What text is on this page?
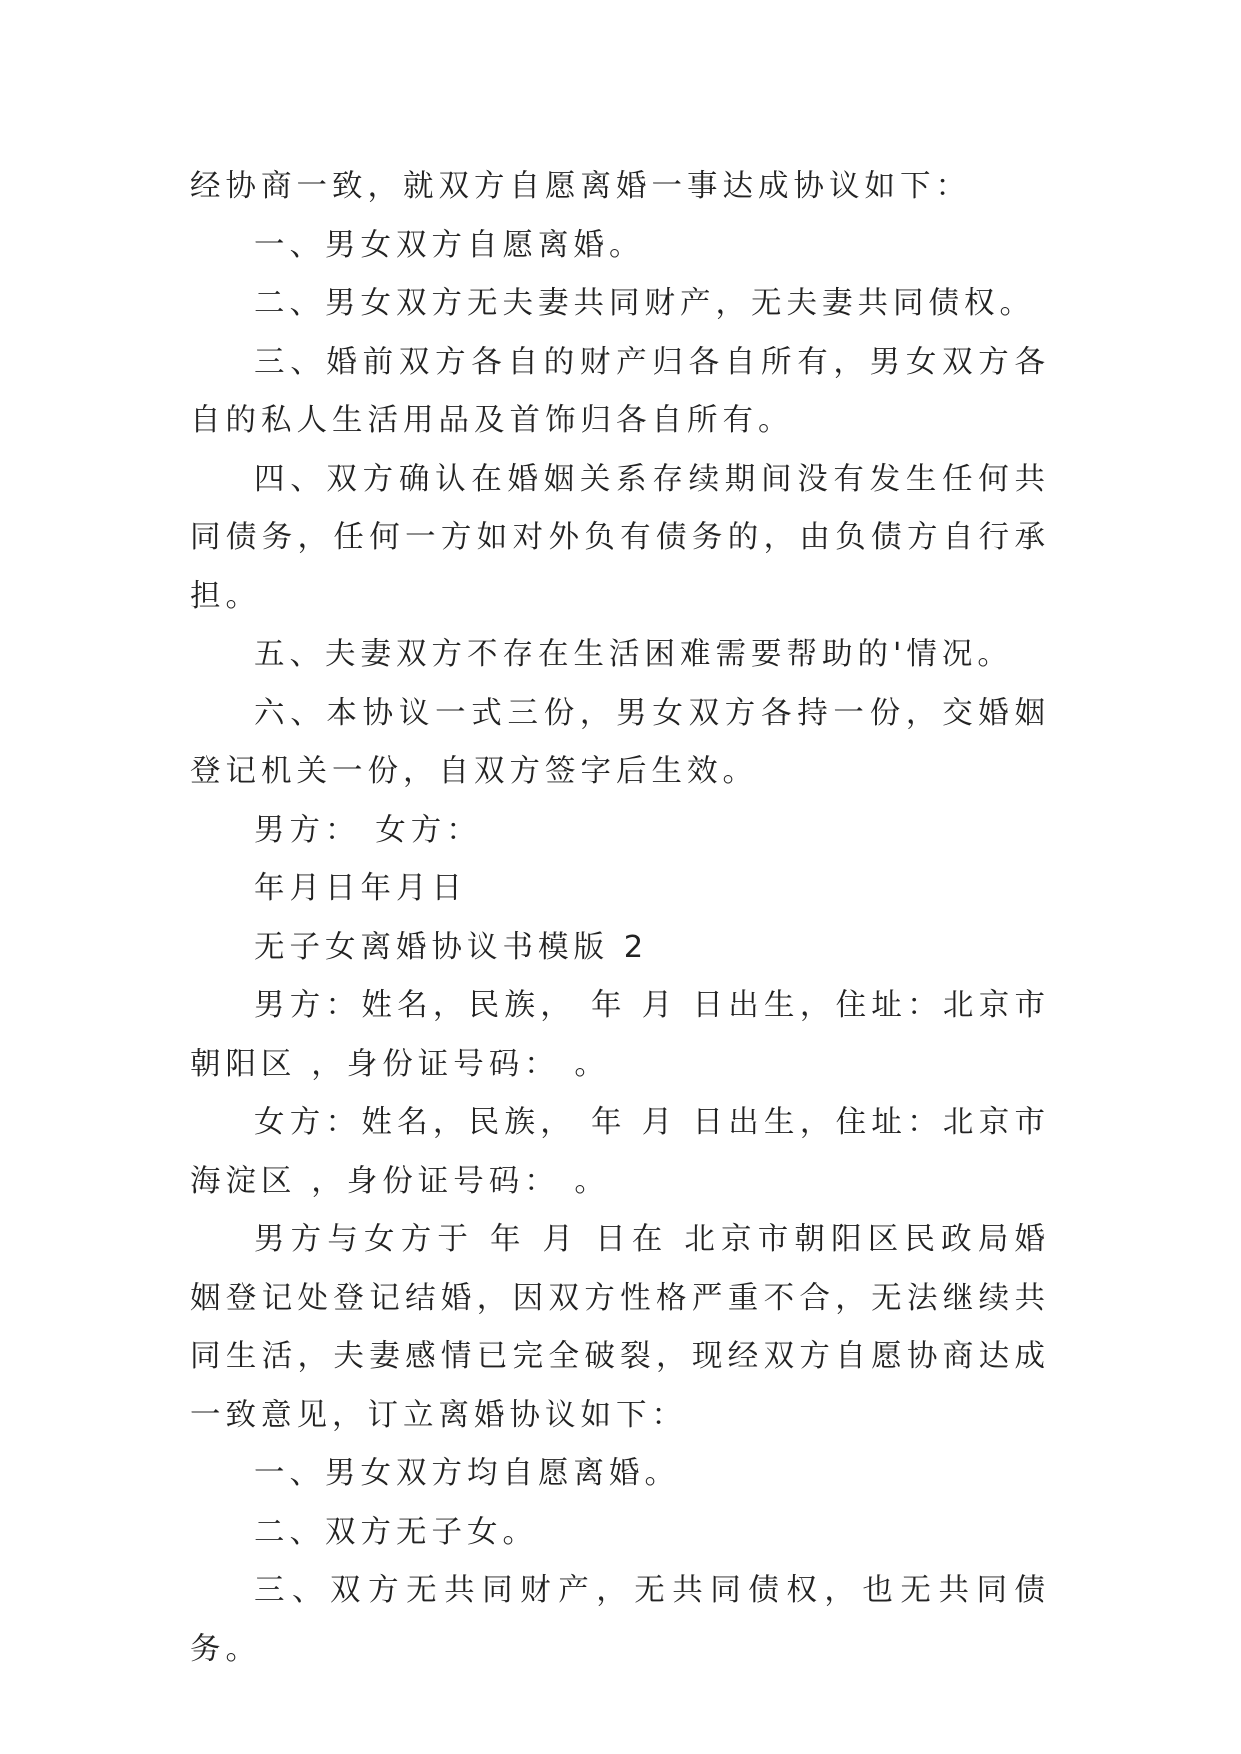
经协商一致，就双方自愿离婚一事达成协议如下：

一、男女双方自愿离婚。

二、男女双方无夫妻共同财产，无夫妻共同债权。

三、婚前双方各自的财产归各自所有，男女双方各自的私人生活用品及首饰归各自所有。

四、双方确认在婚姻关系存续期间没有发生任何共同债务，任何一方如对外负有债务的，由负债方自行承担。

五、夫妻双方不存在生活困难需要帮助的'情况。

六、本协议一式三份，男女双方各持一份，交婚姻登记机关一份，自双方签字后生效。

男方： 女方：

年月日年月日

无子女离婚协议书模版 2

男方：姓名，民族， 年 月 日出生，住址：北京市朝阳区 ，身份证号码： 。

女方：姓名，民族， 年 月 日出生，住址：北京市海淀区 ，身份证号码： 。

男方与女方于 年 月 日在 北京市朝阳区民政局婚姻登记处登记结婚，因双方性格严重不合，无法继续共同生活，夫妻感情已完全破裂，现经双方自愿协商达成一致意见，订立离婚协议如下：

一、男女双方均自愿离婚。

二、双方无子女。

三、双方无共同财产，无共同债权，也无共同债务。
